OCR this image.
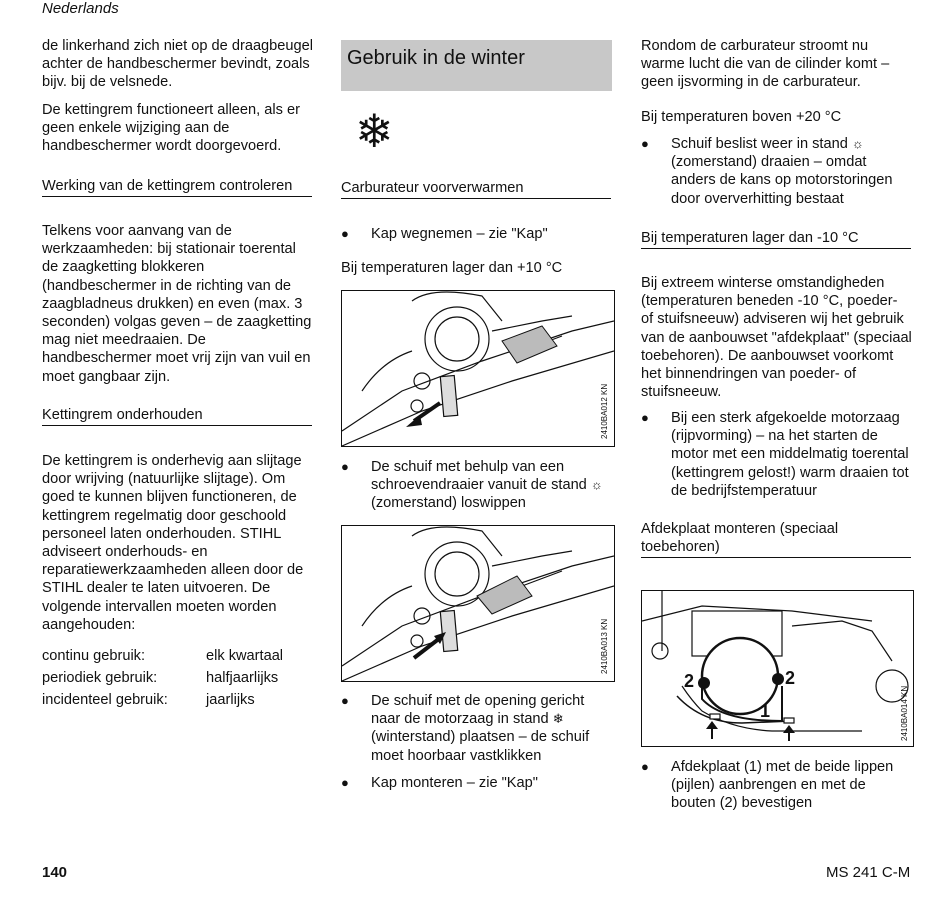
Nederlands

de linkerhand zich niet op de draagbeugel achter de handbeschermer bevindt, zoals bijv. bij de velsnede.

De kettingrem functioneert alleen, als er geen enkele wijziging aan de handbeschermer wordt doorgevoerd.

Werking van de kettingrem controleren

Telkens voor aanvang van de werkzaamheden: bij stationair toerental de zaagketting blokkeren (handbeschermer in de richting van de zaagbladneus drukken) en even (max. 3 seconden) volgas geven – de zaagketting mag niet meedraaien. De handbeschermer moet vrij zijn van vuil en moet gangbaar zijn.

Kettingrem onderhouden

De kettingrem is onderhevig aan slijtage door wrijving (natuurlijke slijtage). Om goed te kunnen blijven functioneren, de kettingrem regelmatig door geschoold personeel laten onderhouden. STIHL adviseert onderhouds- en reparatiewerkzaamheden alleen door de STIHL dealer te laten uitvoeren. De volgende intervallen moeten worden aangehouden:

continu gebruik:	elk kwartaal
periodiek gebruik:	halfjaarlijks
incidenteel gebruik:	jaarlijks
Gebruik in de winter
❄
Carburateur voorverwarmen
● Kap wegnemen – zie "Kap"
Bij temperaturen lager dan +10 °C
2410BA012 KN
● De schuif met behulp van een schroevendraaier vanuit de stand ☼ (zomerstand) loswippen
2410BA013 KN
● De schuif met de opening gericht naar de motorzaag in stand ❄ (winterstand) plaatsen – de schuif moet hoorbaar vastklikken
● Kap monteren – zie "Kap"

Rondom de carburateur stroomt nu warme lucht die van de cilinder komt – geen ijsvorming in de carburateur.

Bij temperaturen boven +20 °C
● Schuif beslist weer in stand ☼ (zomerstand) draaien – omdat anders de kans op motorstoringen door oververhitting bestaat
Bij temperaturen lager dan -10 °C

Bij extreem winterse omstandigheden (temperaturen beneden -10 °C, poeder- of stuifsneeuw) adviseren wij het gebruik van de aanbouwset "afdekplaat" (speciaal toebehoren). De aanbouwset voorkomt het binnendringen van poeder- of stuifsneeuw.

● Bij een sterk afgekoelde motorzaag (rijpvorming) – na het starten de motor met een middelmatig toerental (kettingrem gelost!) warm draaien tot de bedrijfstemperatuur
Afdekplaat monteren (speciaal toebehoren)
2	2
1	2410BA014 KN
● Afdekplaat (1) met de beide lippen (pijlen) aanbrengen en met de bouten (2) bevestigen
140	MS 241 C-M
